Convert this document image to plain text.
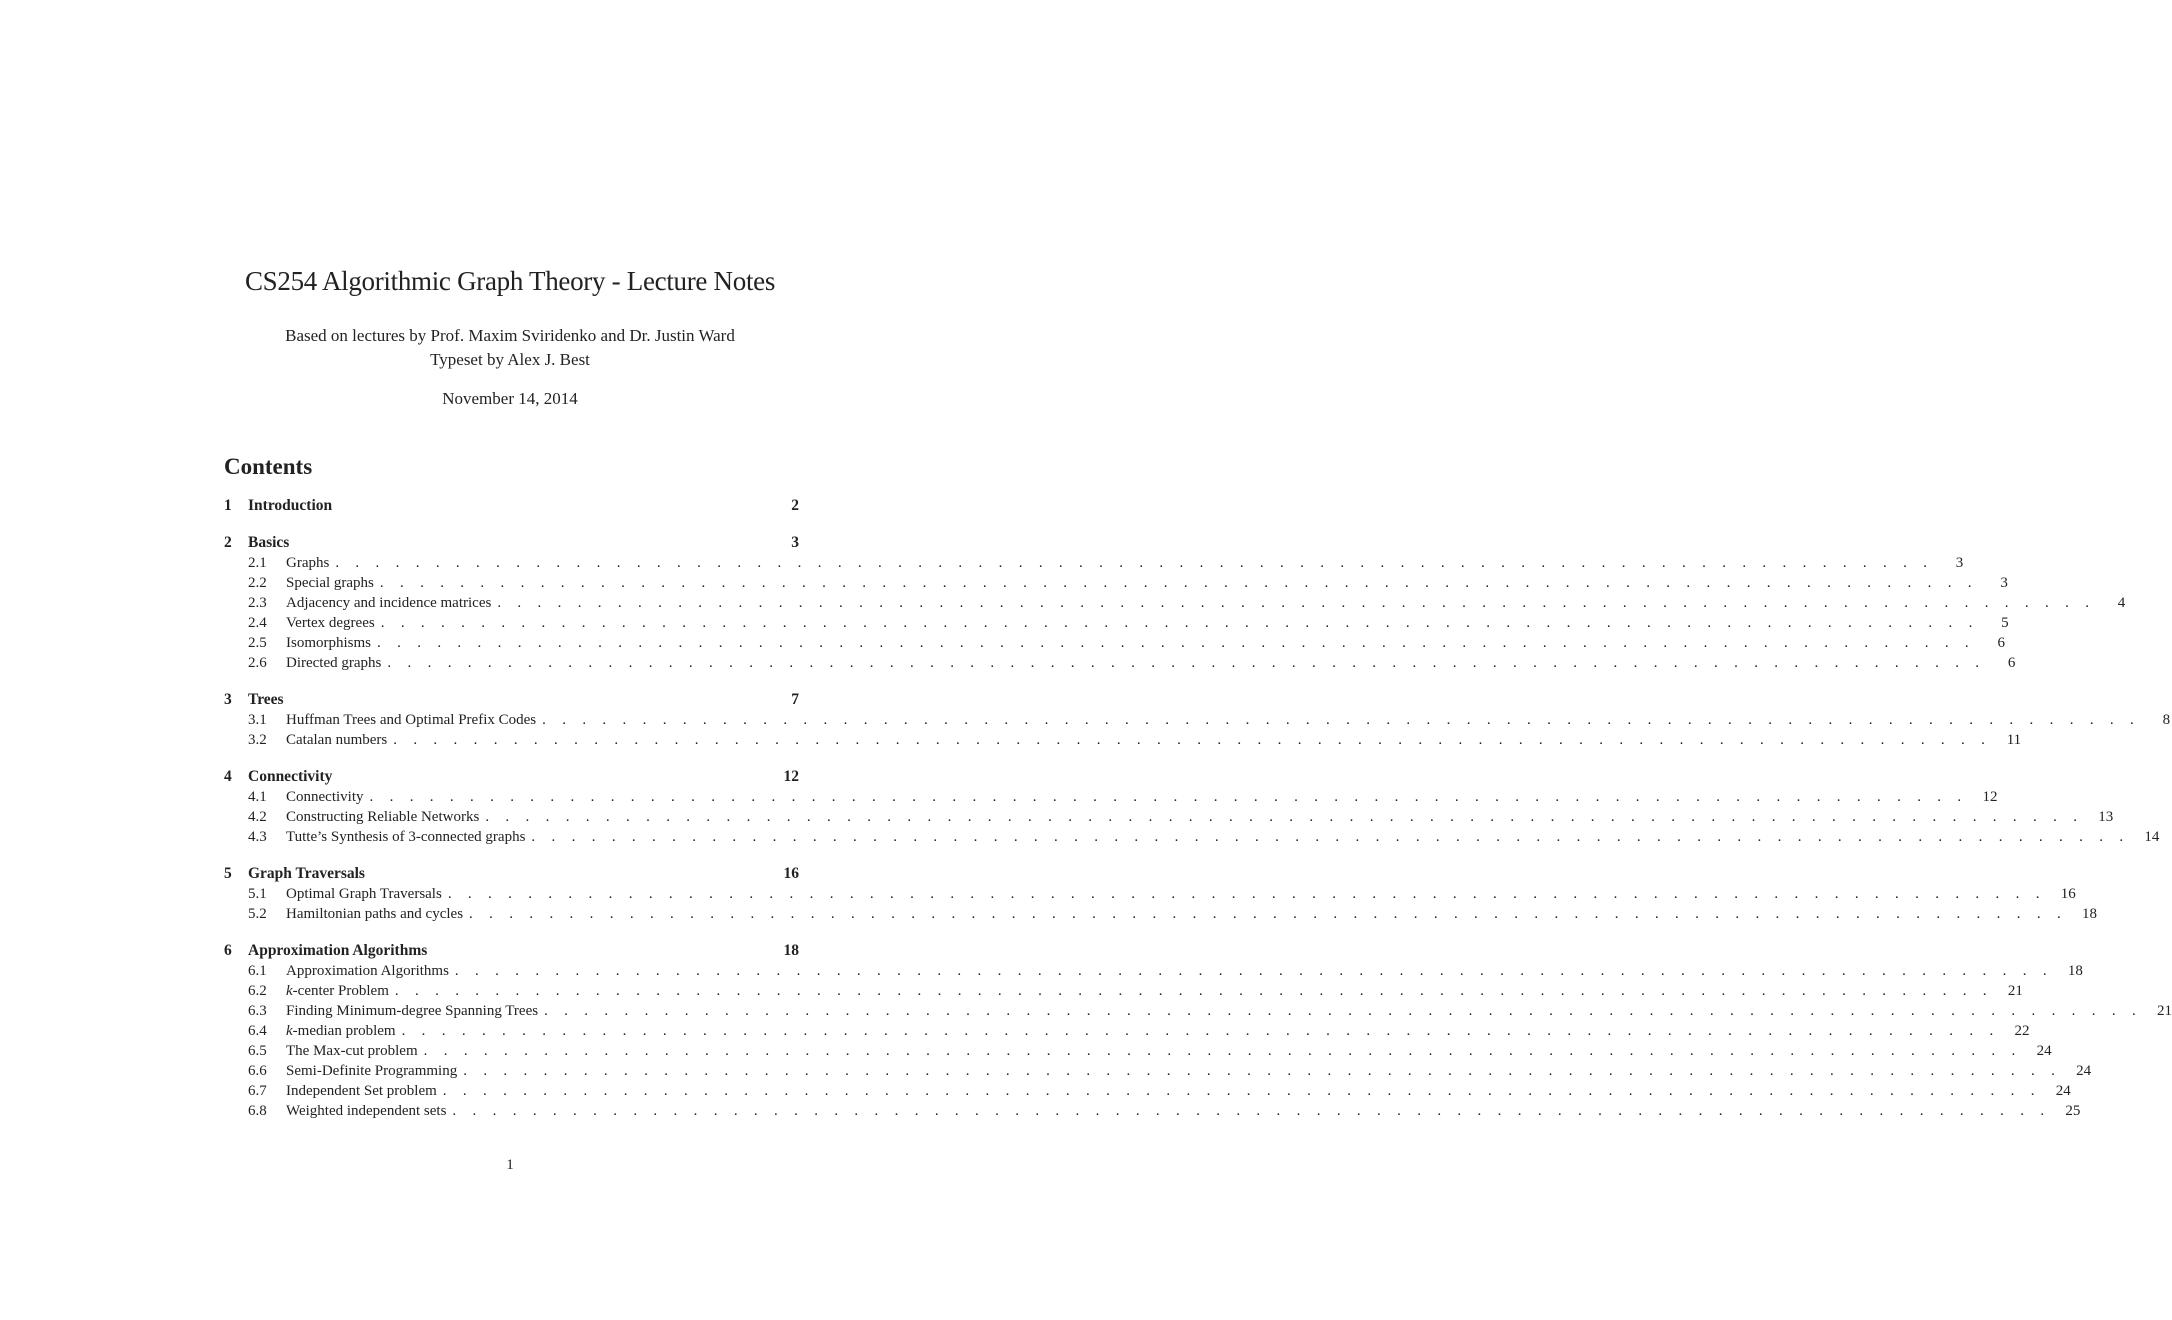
CS254 Algorithmic Graph Theory - Lecture Notes
Based on lectures by Prof. Maxim Sviridenko and Dr. Justin Ward
Typeset by Alex J. Best
November 14, 2014
Contents
1	Introduction	2
2	Basics	3
2.1	Graphs . . . . . . . . . . . . . . . . . . . . . . . . . . . . . . . . . . . . . . . . . . . . . . . . . . . . . . . . . . . . . . . . . . . . . . . . . . . . . . . .	3
2.2	Special graphs . . . . . . . . . . . . . . . . . . . . . . . . . . . . . . . . . . . . . . . . . . . . . . . . . . . . . . . . . . . . . . . . . . . . . . . . . . . . . . . .	3
2.3	Adjacency and incidence matrices . . . . . . . . . . . . . . . . . . . . . . . . . . . . . . . . . . . . . . . . . . . . . . . . . . . . . . . . . . . . . . . . . . . . . . . . . . . . . . . .	4
2.4	Vertex degrees . . . . . . . . . . . . . . . . . . . . . . . . . . . . . . . . . . . . . . . . . . . . . . . . . . . . . . . . . . . . . . . . . . . . . . . . . . . . . . . .	5
2.5	Isomorphisms . . . . . . . . . . . . . . . . . . . . . . . . . . . . . . . . . . . . . . . . . . . . . . . . . . . . . . . . . . . . . . . . . . . . . . . . . . . . . . . .	6
2.6	Directed graphs . . . . . . . . . . . . . . . . . . . . . . . . . . . . . . . . . . . . . . . . . . . . . . . . . . . . . . . . . . . . . . . . . . . . . . . . . . . . . . . .	6
3	Trees	7
3.1	Huffman Trees and Optimal Prefix Codes . . . . . . . . . . . . . . . . . . . . . . . . . . . . . . . . . . . . . . . . . . . . . . . . . . . . . . . . . . . . . . . . . . . . . . . . . . . . . . . .	8
3.2	Catalan numbers . . . . . . . . . . . . . . . . . . . . . . . . . . . . . . . . . . . . . . . . . . . . . . . . . . . . . . . . . . . . . . . . . . . . . . . . . . . . . . . .	11
4	Connectivity	12
4.1	Connectivity . . . . . . . . . . . . . . . . . . . . . . . . . . . . . . . . . . . . . . . . . . . . . . . . . . . . . . . . . . . . . . . . . . . . . . . . . . . . . . . .	12
4.2	Constructing Reliable Networks . . . . . . . . . . . . . . . . . . . . . . . . . . . . . . . . . . . . . . . . . . . . . . . . . . . . . . . . . . . . . . . . . . . . . . . . . . . . . . . .	13
4.3	Tutte’s Synthesis of 3-connected graphs . . . . . . . . . . . . . . . . . . . . . . . . . . . . . . . . . . . . . . . . . . . . . . . . . . . . . . . . . . . . . . . . . . . . . . . . . . . . . . . .	14
5	Graph Traversals	16
5.1	Optimal Graph Traversals . . . . . . . . . . . . . . . . . . . . . . . . . . . . . . . . . . . . . . . . . . . . . . . . . . . . . . . . . . . . . . . . . . . . . . . . . . . . . . . .	16
5.2	Hamiltonian paths and cycles . . . . . . . . . . . . . . . . . . . . . . . . . . . . . . . . . . . . . . . . . . . . . . . . . . . . . . . . . . . . . . . . . . . . . . . . . . . . . . . .	18
6	Approximation Algorithms	18
6.1	Approximation Algorithms . . . . . . . . . . . . . . . . . . . . . . . . . . . . . . . . . . . . . . . . . . . . . . . . . . . . . . . . . . . . . . . . . . . . . . . . . . . . . . . .	18
6.2	k-center Problem . . . . . . . . . . . . . . . . . . . . . . . . . . . . . . . . . . . . . . . . . . . . . . . . . . . . . . . . . . . . . . . . . . . . . . . . . . . . . . . .	21
6.3	Finding Minimum-degree Spanning Trees . . . . . . . . . . . . . . . . . . . . . . . . . . . . . . . . . . . . . . . . . . . . . . . . . . . . . . . . . . . . . . . . . . . . . . . . . . . . . . . .	21
6.4	k-median problem . . . . . . . . . . . . . . . . . . . . . . . . . . . . . . . . . . . . . . . . . . . . . . . . . . . . . . . . . . . . . . . . . . . . . . . . . . . . . . . .	22
6.5	The Max-cut problem . . . . . . . . . . . . . . . . . . . . . . . . . . . . . . . . . . . . . . . . . . . . . . . . . . . . . . . . . . . . . . . . . . . . . . . . . . . . . . . .	24
6.6	Semi-Definite Programming . . . . . . . . . . . . . . . . . . . . . . . . . . . . . . . . . . . . . . . . . . . . . . . . . . . . . . . . . . . . . . . . . . . . . . . . . . . . . . . .	24
6.7	Independent Set problem . . . . . . . . . . . . . . . . . . . . . . . . . . . . . . . . . . . . . . . . . . . . . . . . . . . . . . . . . . . . . . . . . . . . . . . . . . . . . . . .	24
6.8	Weighted independent sets . . . . . . . . . . . . . . . . . . . . . . . . . . . . . . . . . . . . . . . . . . . . . . . . . . . . . . . . . . . . . . . . . . . . . . . . . . . . . . . .	25
1
